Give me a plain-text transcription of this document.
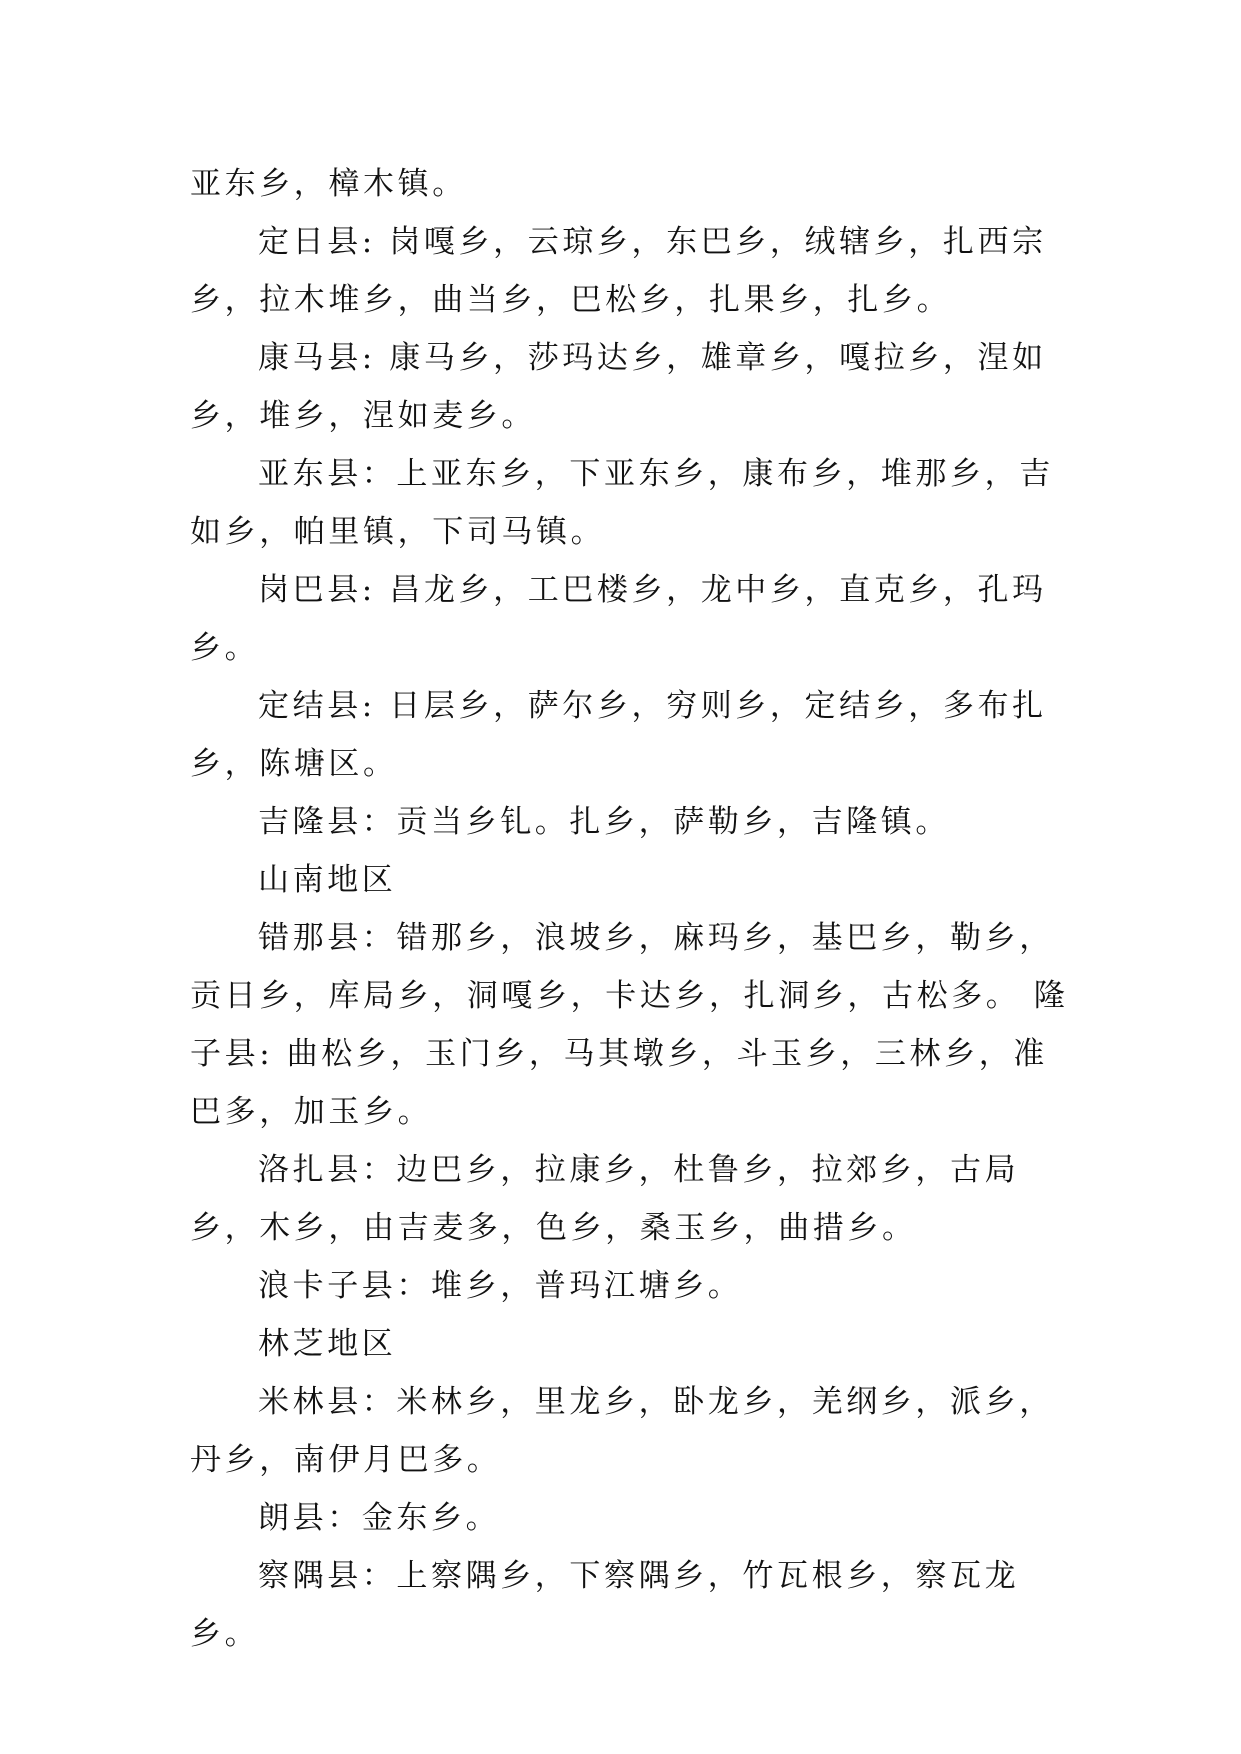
亚东乡，樟木镇。

定日县: 岗嘎乡，云琼乡，东巴乡，绒辖乡，扎西宗乡，拉木堆乡，曲当乡，巴松乡，扎果乡，扎乡。

康马县: 康马乡，莎玛达乡，雄章乡，嘎拉乡，涅如乡，堆乡，涅如麦乡。

亚东县：上亚东乡，下亚东乡，康布乡，堆那乡，吉如乡，帕里镇，下司马镇。

岗巴县: 昌龙乡，工巴楼乡，龙中乡，直克乡，孔玛乡。

定结县: 日层乡，萨尔乡，穷则乡，定结乡，多布扎乡，陈塘区。

吉隆县：贡当乡钆。扎乡，萨勒乡，吉隆镇。

山南地区

错那县：错那乡，浪坡乡，麻玛乡，基巴乡，勒乡，贡日乡，库局乡，洞嘎乡，卡达乡，扎洞乡，古松多。 隆子县: 曲松乡，玉门乡，马其墩乡，斗玉乡，三林乡，准巴多，加玉乡。

洛扎县：边巴乡，拉康乡，杜鲁乡，拉郊乡，古局乡，木乡，由吉麦多，色乡，桑玉乡，曲措乡。

浪卡子县：堆乡，普玛江塘乡。

林芝地区

米林县：米林乡，里龙乡，卧龙乡，羌纲乡，派乡，丹乡，南伊月巴多。

朗县：金东乡。

察隅县：上察隅乡，下察隅乡，竹瓦根乡，察瓦龙乡。
